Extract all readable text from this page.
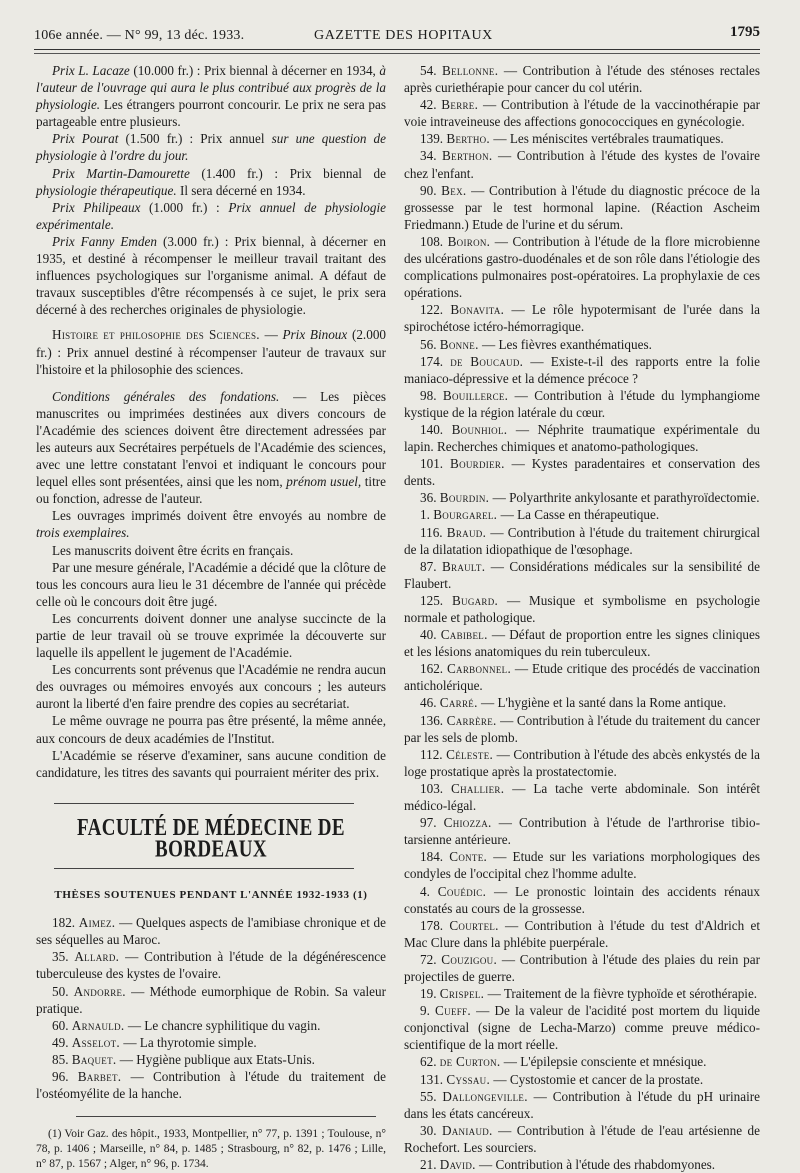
106e année. — N° 99, 13 déc. 1933.	GAZETTE DES HOPITAUX	1795

Prix L. Lacaze (10.000 fr.) : Prix biennal à décerner en 1934, à l'auteur de l'ouvrage qui aura le plus contribué aux progrès de la physiologie. Les étrangers pourront concourir. Le prix ne sera pas partageable entre plusieurs.

Prix Pourat (1.500 fr.) : Prix annuel sur une question de physiologie à l'ordre du jour.

Prix Martin-Damourette (1.400 fr.) : Prix biennal de physiologie thérapeutique. Il sera décerné en 1934.

Prix Philipeaux (1.000 fr.) : Prix annuel de physiologie expérimentale.

Prix Fanny Emden (3.000 fr.) : Prix biennal, à décerner en 1935, et destiné à récompenser le meilleur travail traitant des influences psychologiques sur l'organisme animal. A défaut de travaux susceptibles d'être récompensés à ce sujet, le prix sera décerné à des recherches originales de physiologie.

Histoire et philosophie des Sciences. — Prix Binoux (2.000 fr.) : Prix annuel destiné à récompenser l'auteur de travaux sur l'histoire et la philosophie des sciences.

Conditions générales des fondations. — Les pièces manuscrites ou imprimées destinées aux divers concours de l'Académie des sciences doivent être directement adressées par les auteurs aux Secrétaires perpétuels de l'Académie des sciences, avec une lettre constatant l'envoi et indiquant le concours pour lequel elles sont présentées, ainsi que les nom, prénom usuel, titre ou fonction, adresse de l'auteur.

Les ouvrages imprimés doivent être envoyés au nombre de trois exemplaires.

Les manuscrits doivent être écrits en français.

Par une mesure générale, l'Académie a décidé que la clôture de tous les concours aura lieu le 31 décembre de l'année qui précède celle où le concours doit être jugé.

Les concurrents doivent donner une analyse succincte de la partie de leur travail où se trouve exprimée la découverte sur laquelle ils appellent le jugement de l'Académie.

Les concurrents sont prévenus que l'Académie ne rendra aucun des ouvrages ou mémoires envoyés aux concours ; les auteurs auront la liberté d'en faire prendre des copies au secrétariat.

Le même ouvrage ne pourra pas être présenté, la même année, aux concours de deux académies de l'Institut.

L'Académie se réserve d'examiner, sans aucune condition de candidature, les titres des savants qui pourraient mériter des prix.

FACULTÉ DE MÉDECINE DE BORDEAUX
THÈSES SOUTENUES PENDANT L'ANNÉE 1932-1933 (1)

182. Aimez. — Quelques aspects de l'amibiase chronique et de ses séquelles au Maroc.

35. Allard. — Contribution à l'étude de la dégénérescence tuberculeuse des kystes de l'ovaire.

50. Andorre. — Méthode eumorphique de Robin. Sa valeur pratique.

60. Arnauld. — Le chancre syphilitique du vagin.

49. Asselot. — La thyrotomie simple.

85. Baquet. — Hygiène publique aux Etats-Unis.

96. Barbet. — Contribution à l'étude du traitement de l'ostéomyélite de la hanche.

(1) Voir Gaz. des hôpit., 1933, Montpellier, n° 77, p. 1391 ; Toulouse, n° 78, p. 1406 ; Marseille, n° 84, p. 1485 ; Strasbourg, n° 82, p. 1476 ; Lille, n° 87, p. 1567 ; Alger, n° 96, p. 1734.

54. Bellonne. — Contribution à l'étude des sténoses rectales après curiethérapie pour cancer du col utérin.

42. Berre. — Contribution à l'étude de la vaccinothérapie par voie intraveineuse des affections gonococciques en gynécologie.

139. Bertho. — Les méniscites vertébrales traumatiques.

34. Berthon. — Contribution à l'étude des kystes de l'ovaire chez l'enfant.

90. Bex. — Contribution à l'étude du diagnostic précoce de la grossesse par le test hormonal lapine. (Réaction Ascheim Friedmann.) Etude de l'urine et du sérum.

108. Boiron. — Contribution à l'étude de la flore microbienne des ulcérations gastro-duodénales et de son rôle dans l'étiologie des complications pulmonaires post-opératoires. La prophylaxie de ces opérations.

122. Bonavita. — Le rôle hypotermisant de l'urée dans la spirochétose ictéro-hémorragique.

56. Bonne. — Les fièvres exanthématiques.

174. de Boucaud. — Existe-t-il des rapports entre la folie maniaco-dépressive et la démence précoce ?

98. Bouillerce. — Contribution à l'étude du lymphangiome kystique de la région latérale du cœur.

140. Bounhiol. — Néphrite traumatique expérimentale du lapin. Recherches chimiques et anatomo-pathologiques.

101. Bourdier. — Kystes paradentaires et conservation des dents.

36. Bourdin. — Polyarthrite ankylosante et parathyroïdectomie.

1. Bourgarel. — La Casse en thérapeutique.

116. Braud. — Contribution à l'étude du traitement chirurgical de la dilatation idiopathique de l'œsophage.

87. Brault. — Considérations médicales sur la sensibilité de Flaubert.

125. Bugard. — Musique et symbolisme en psychologie normale et pathologique.

40. Cabibel. — Défaut de proportion entre les signes cliniques et les lésions anatomiques du rein tuberculeux.

162. Carbonnel. — Etude critique des procédés de vaccination anticholérique.

46. Carré. — L'hygiène et la santé dans la Rome antique.

136. Carrère. — Contribution à l'étude du traitement du cancer par les sels de plomb.

112. Céleste. — Contribution à l'étude des abcès enkystés de la loge prostatique après la prostatectomie.

103. Challier. — La tache verte abdominale. Son intérêt médico-légal.

97. Chiozza. — Contribution à l'étude de l'arthrorise tibio-tarsienne antérieure.

184. Conte. — Etude sur les variations morphologiques des condyles de l'occipital chez l'homme adulte.

4. Couédic. — Le pronostic lointain des accidents rénaux constatés au cours de la grossesse.

178. Courtel. — Contribution à l'étude du test d'Aldrich et Mac Clure dans la phlébite puerpérale.

72. Couzigou. — Contribution à l'étude des plaies du rein par projectiles de guerre.

19. Crispel. — Traitement de la fièvre typhoïde et sérothérapie.

9. Cueff. — De la valeur de l'acidité post mortem du liquide conjonctival (signe de Lecha-Marzo) comme preuve médico-scientifique de la mort réelle.

62. de Curton. — L'épilepsie consciente et mnésique.

131. Cyssau. — Cystostomie et cancer de la prostate.

55. Dallongeville. — Contribution à l'étude du pH urinaire dans les états cancéreux.

30. Daniaud. — Contribution à l'étude de l'eau artésienne de Rochefort. Les sourciers.

21. David. — Contribution à l'étude des rhabdomyones.
